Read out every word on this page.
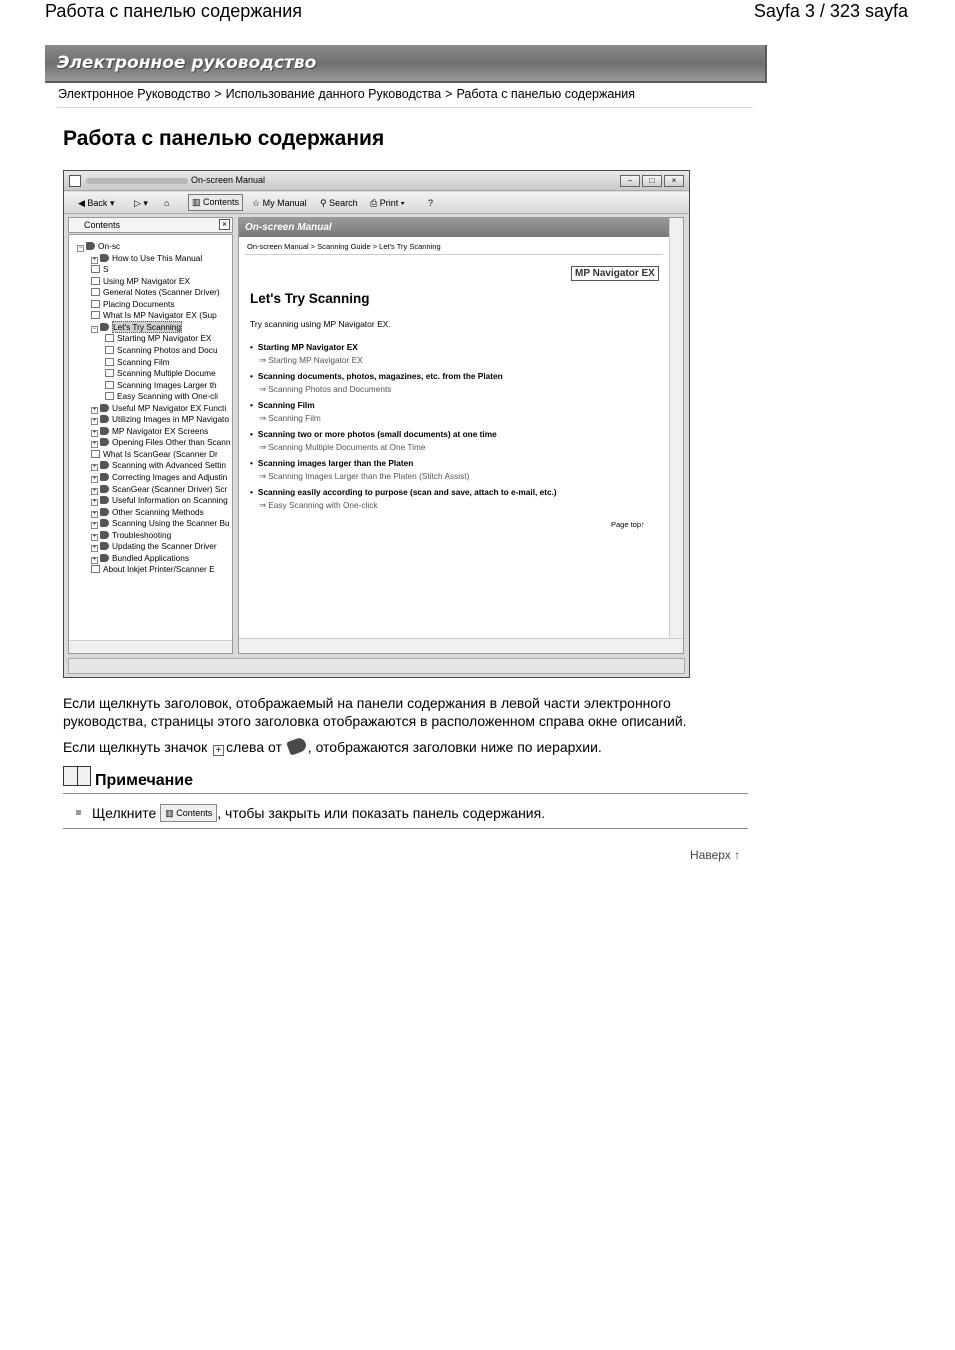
Работа с панелью содержания	Sayfa 3 / 323 sayfa
Электронное руководство
Электронное Руководство > Использование данного Руководства > Работа с панелью содержания
Работа с панелью содержания
On-screen Manual	–	□	×
◀ Back ▾ ▷ ▾ ⌂	▥ Contents	☆ My Manual ⚲ Search ⎙ Print ▾	?
Contents	×
− On-sc
+ How to Use This Manual
S
Using MP Navigator EX
General Notes (Scanner Driver)
Placing Documents
What Is MP Navigator EX (Sup
− Let's Try Scanning
Starting MP Navigator EX
Scanning Photos and Docu
Scanning Film
Scanning Multiple Docume
Scanning Images Larger th
Easy Scanning with One-cli
+ Useful MP Navigator EX Functi
+ Utilizing Images in MP Navigato
+ MP Navigator EX Screens
+ Opening Files Other than Scann
What Is ScanGear (Scanner Dr
+ Scanning with Advanced Settin
+ Correcting Images and Adjustin
+ ScanGear (Scanner Driver) Scr
+ Useful Information on Scanning
+ Other Scanning Methods
+ Scanning Using the Scanner Bu
+ Troubleshooting
+ Updating the Scanner Driver
+ Bundled Applications
About Inkjet Printer/Scanner E
On-screen Manual
On-screen Manual > Scanning Guide > Let's Try Scanning
MP Navigator EX
Let's Try Scanning
Try scanning using MP Navigator EX.
• Starting MP Navigator EX
⇒ Starting MP Navigator EX
• Scanning documents, photos, magazines, etc. from the Platen
⇒ Scanning Photos and Documents
• Scanning Film
⇒ Scanning Film
• Scanning two or more photos (small documents) at one time
⇒ Scanning Multiple Documents at One Time
• Scanning images larger than the Platen
⇒ Scanning Images Larger than the Platen (Stitch Assist)
• Scanning easily according to purpose (scan and save, attach to e-mail, etc.)
⇒ Easy Scanning with One-click
Page top↑
Если щелкнуть заголовок, отображаемый на панели содержания в левой части электронного
руководства, страницы этого заголовка отображаются в расположенном справа окне описаний.
Если щелкнуть значок + слева от , отображаются заголовки ниже по иерархии.
Примечание
Щелкните ▥ Contents , чтобы закрыть или показать панель содержания.
Наверх ↑
